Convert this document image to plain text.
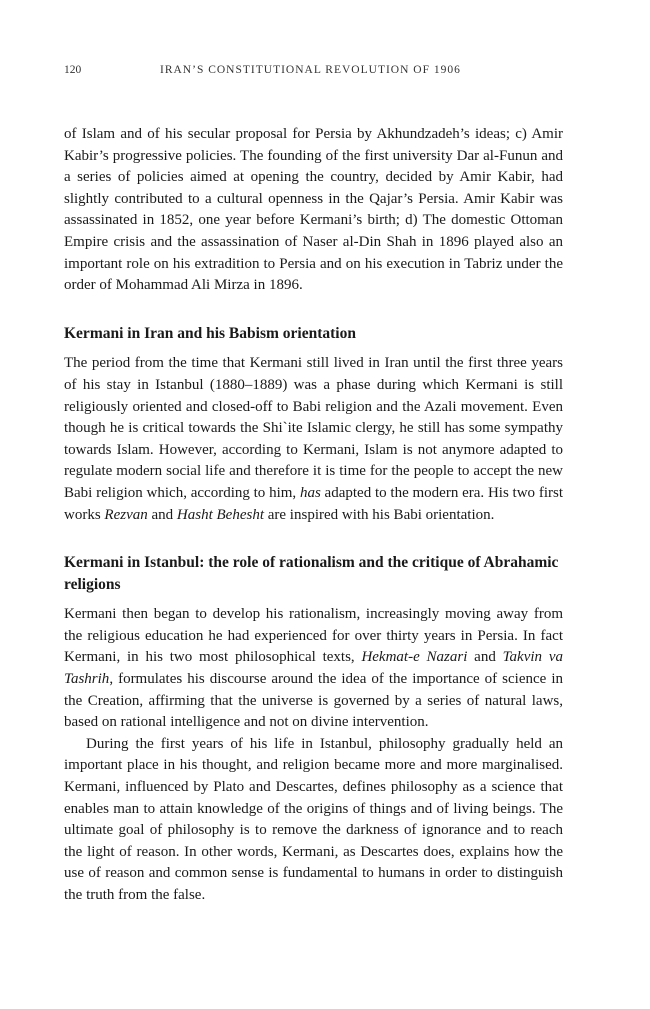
120	IRAN’S CONSTITUTIONAL REVOLUTION OF 1906

of Islam and of his secular proposal for Persia by Akhundzadeh’s ideas; c) Amir Kabir’s progressive policies. The founding of the first university Dar al-Funun and a series of policies aimed at opening the country, decided by Amir Kabir, had slightly contributed to a cultural openness in the Qajar’s Persia. Amir Kabir was assassinated in 1852, one year before Kermani’s birth; d) The domestic Ottoman Empire crisis and the assassination of Naser al-Din Shah in 1896 played also an important role on his extradition to Persia and on his execution in Tabriz under the order of Mohammad Ali Mirza in 1896.

Kermani in Iran and his Babism orientation

The period from the time that Kermani still lived in Iran until the first three years of his stay in Istanbul (1880–1889) was a phase during which Kermani is still religiously oriented and closed-off to Babi religion and the Azali movement. Even though he is critical towards the Shi`ite Islamic clergy, he still has some sympathy towards Islam. However, according to Kermani, Islam is not anymore adapted to regulate modern social life and therefore it is time for the people to accept the new Babi religion which, according to him, has adapted to the modern era. His two first works Rezvan and Hasht Behesht are inspired with his Babi orientation.

Kermani in Istanbul: the role of rationalism and the critique of Abrahamic religions

Kermani then began to develop his rationalism, increasingly moving away from the religious education he had experienced for over thirty years in Persia. In fact Kermani, in his two most philosophical texts, Hekmat-e Nazari and Takvin va Tashrih, formulates his discourse around the idea of the importance of science in the Creation, affirming that the universe is governed by a series of natural laws, based on rational intelligence and not on divine intervention.

During the first years of his life in Istanbul, philosophy gradually held an important place in his thought, and religion became more and more marginalised. Kermani, influenced by Plato and Descartes, defines philosophy as a science that enables man to attain knowledge of the origins of things and of living beings. The ultimate goal of philosophy is to remove the darkness of ignorance and to reach the light of reason. In other words, Kermani, as Descartes does, explains how the use of reason and common sense is fundamental to humans in order to distinguish the truth from the false.
